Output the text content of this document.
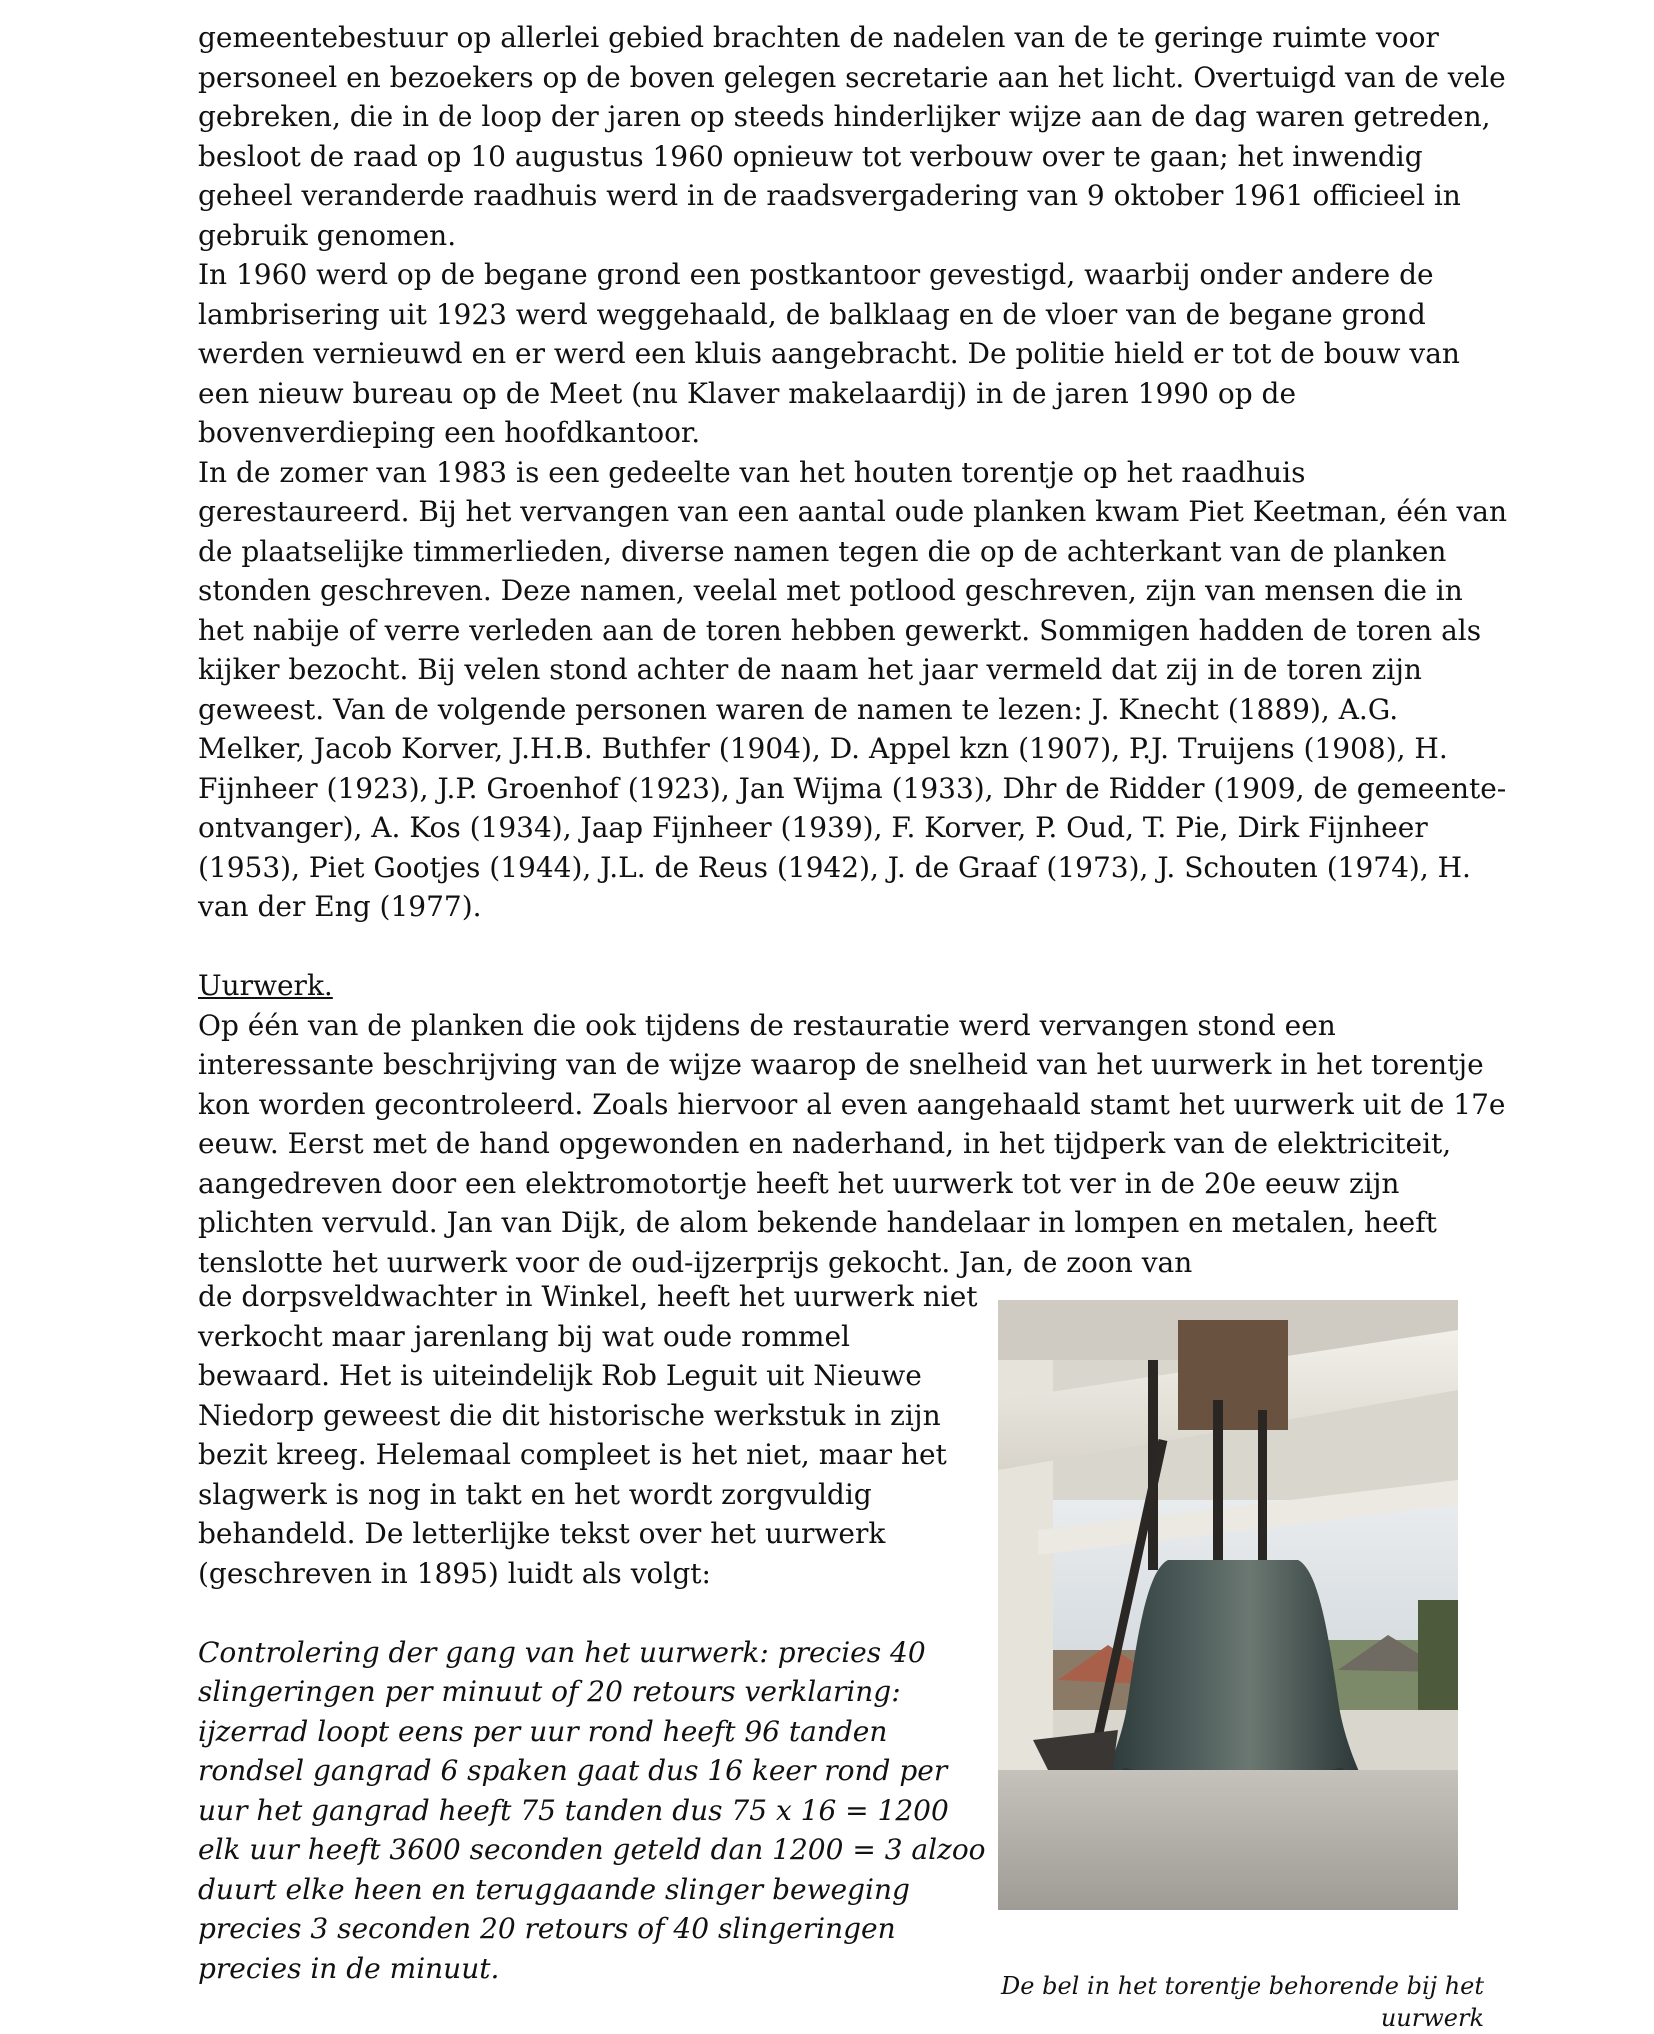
gemeentebestuur op allerlei gebied brachten de nadelen van de te geringe ruimte voor personeel en bezoekers op de boven gelegen secretarie aan het licht. Overtuigd van de vele gebreken, die in de loop der jaren op steeds hinderlijker wijze aan de dag waren getreden, besloot de raad op 10 augustus 1960 opnieuw tot verbouw over te gaan; het inwendig geheel veranderde raadhuis werd in de raadsvergadering van 9 oktober 1961 officieel in gebruik genomen.

In 1960 werd op de begane grond een postkantoor gevestigd, waarbij onder andere de lambrisering uit 1923 werd weggehaald, de balklaag en de vloer van de begane grond werden vernieuwd en er werd een kluis aangebracht. De politie hield er tot de bouw van een nieuw bureau op de Meet (nu Klaver makelaardij) in de jaren 1990 op de bovenverdieping een hoofdkantoor.

In de zomer van 1983 is een gedeelte van het houten torentje op het raadhuis gerestaureerd. Bij het vervangen van een aantal oude planken kwam Piet Keetman, één van de plaatselijke timmerlieden, diverse namen tegen die op de achterkant van de planken stonden geschreven. Deze namen, veelal met potlood geschreven, zijn van mensen die in het nabije of verre verleden aan de toren hebben gewerkt. Sommigen hadden de toren als kijker bezocht. Bij velen stond achter de naam het jaar vermeld dat zij in de toren zijn geweest. Van de volgende personen waren de namen te lezen: J. Knecht (1889), A.G. Melker, Jacob Korver, J.H.B. Buthfer (1904), D. Appel kzn (1907), P.J. Truijens (1908), H. Fijnheer (1923), J.P. Groenhof (1923), Jan Wijma (1933), Dhr de Ridder (1909, de gemeente-ontvanger), A. Kos (1934), Jaap Fijnheer (1939), F. Korver, P. Oud, T. Pie, Dirk Fijnheer (1953), Piet Gootjes (1944), J.L. de Reus (1942), J. de Graaf (1973), J. Schouten (1974), H. van der Eng (1977).

Uurwerk.

Op één van de planken die ook tijdens de restauratie werd vervangen stond een interessante beschrijving van de wijze waarop de snelheid van het uurwerk in het torentje kon worden gecontroleerd. Zoals hiervoor al even aangehaald stamt het uurwerk uit de 17e eeuw. Eerst met de hand opgewonden en naderhand, in het tijdperk van de elektriciteit, aangedreven door een elektromotortje heeft het uurwerk tot ver in de 20e eeuw zijn plichten vervuld. Jan van Dijk, de alom bekende handelaar in lompen en metalen, heeft tenslotte het uurwerk voor de oud-ijzerprijs gekocht. Jan, de zoon van

de dorpsveldwachter in Winkel, heeft het uurwerk niet verkocht maar jarenlang bij wat oude rommel bewaard. Het is uiteindelijk Rob Leguit uit Nieuwe Niedorp geweest die dit historische werkstuk in zijn bezit kreeg. Helemaal compleet is het niet, maar het slagwerk is nog in takt en het wordt zorgvuldig behandeld. De letterlijke tekst over het uurwerk (geschreven in 1895) luidt als volgt:

Controlering der gang van het uurwerk: precies 40 slingeringen per minuut of 20 retours verklaring: ijzerrad loopt eens per uur rond heeft 96 tanden rondsel gangrad 6 spaken gaat dus 16 keer rond per uur het gangrad heeft 75 tanden dus 75 x 16 = 1200 elk uur heeft 3600 seconden geteld dan 1200 = 3 alzoo duurt elke heen en teruggaande slinger beweging precies 3 seconden 20 retours of 40 slingeringen precies in de minuut.

De bel in het torentje behorende bij het uurwerk
